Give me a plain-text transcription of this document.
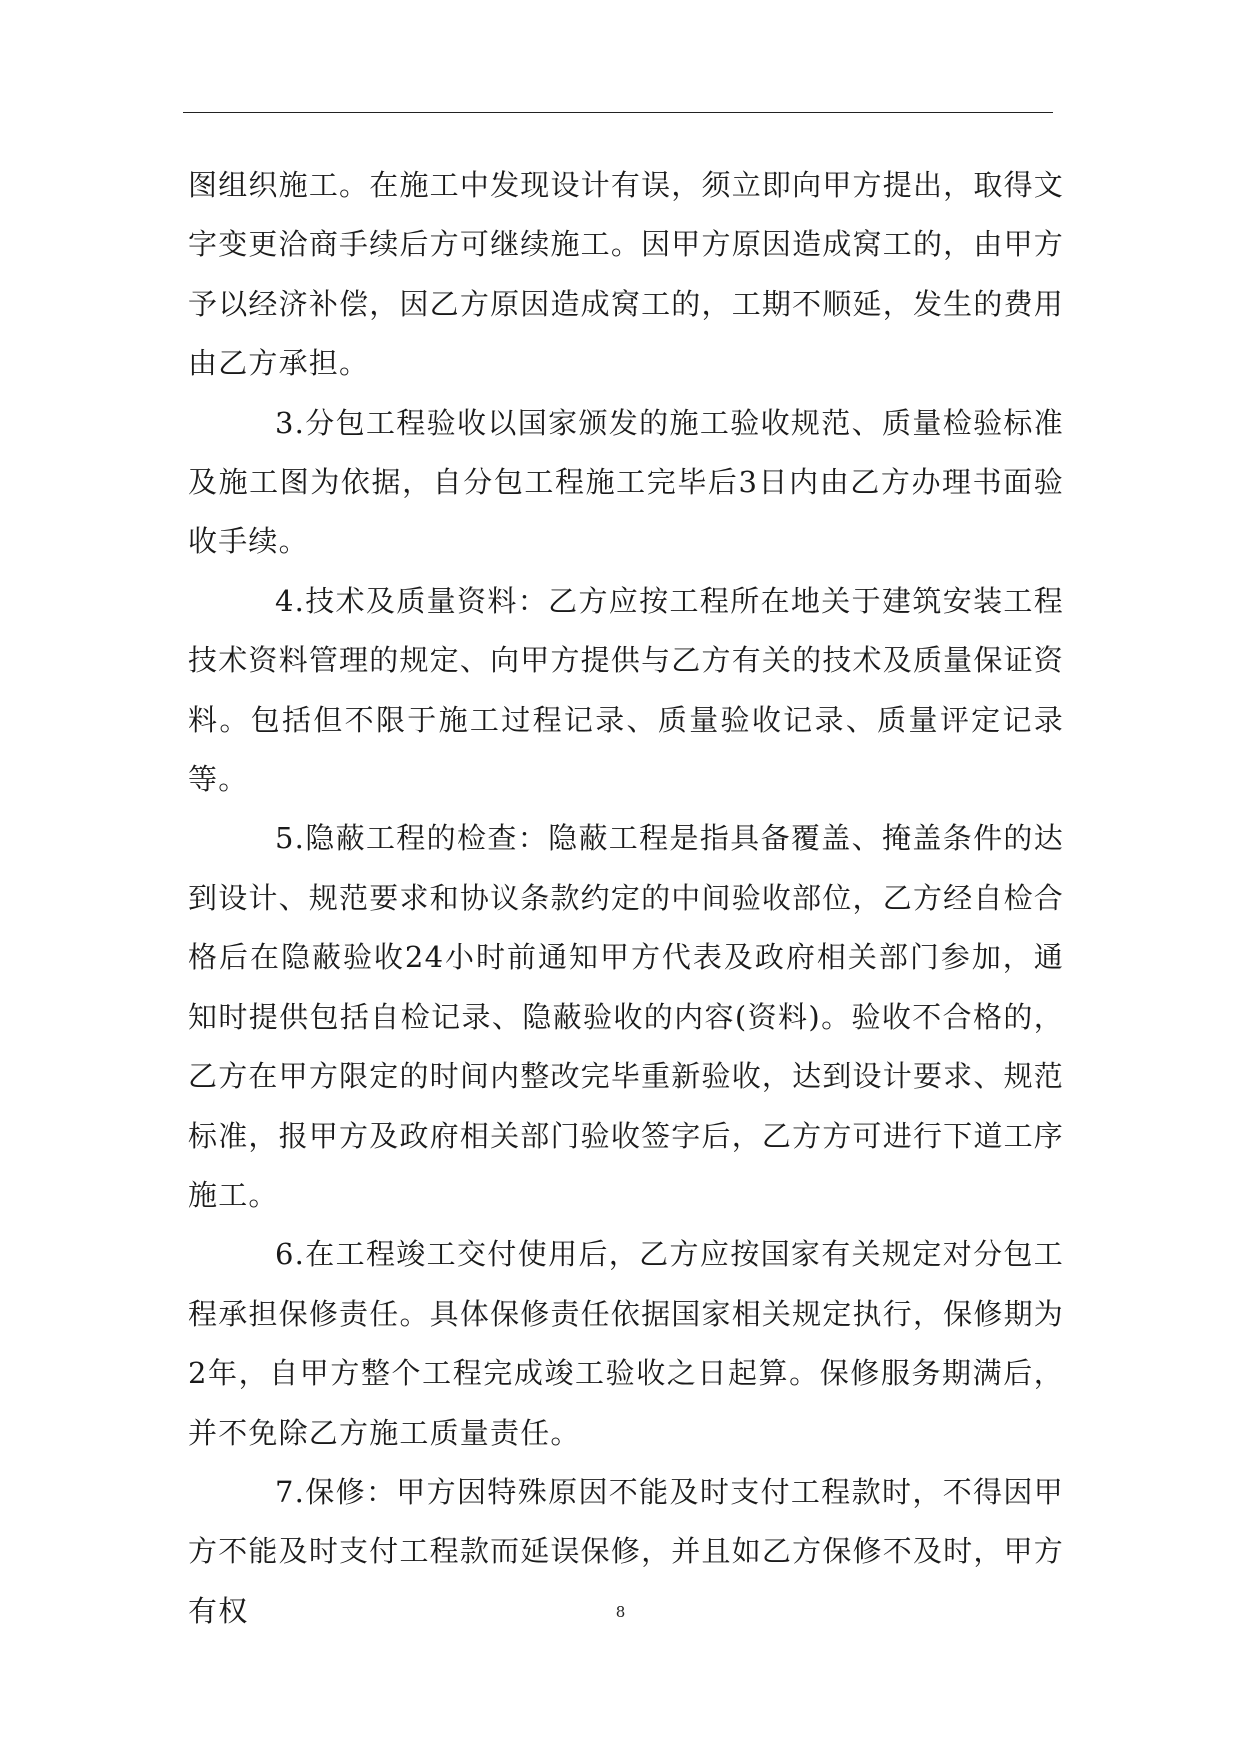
图组织施工。在施工中发现设计有误，须立即向甲方提出，取得文字变更洽商手续后方可继续施工。因甲方原因造成窝工的，由甲方予以经济补偿，因乙方原因造成窝工的，工期不顺延，发生的费用由乙方承担。

3.分包工程验收以国家颁发的施工验收规范、质量检验标准及施工图为依据，自分包工程施工完毕后3日内由乙方办理书面验收手续。

4.技术及质量资料：乙方应按工程所在地关于建筑安装工程技术资料管理的规定、向甲方提供与乙方有关的技术及质量保证资料。包括但不限于施工过程记录、质量验收记录、质量评定记录等。

5.隐蔽工程的检查：隐蔽工程是指具备覆盖、掩盖条件的达到设计、规范要求和协议条款约定的中间验收部位，乙方经自检合格后在隐蔽验收24小时前通知甲方代表及政府相关部门参加，通知时提供包括自检记录、隐蔽验收的内容(资料)。验收不合格的，乙方在甲方限定的时间内整改完毕重新验收，达到设计要求、规范标准，报甲方及政府相关部门验收签字后，乙方方可进行下道工序施工。

6.在工程竣工交付使用后，乙方应按国家有关规定对分包工程承担保修责任。具体保修责任依据国家相关规定执行，保修期为2年，自甲方整个工程完成竣工验收之日起算。保修服务期满后，并不免除乙方施工质量责任。

7.保修：甲方因特殊原因不能及时支付工程款时，不得因甲方不能及时支付工程款而延误保修，并且如乙方保修不及时，甲方有权	8
